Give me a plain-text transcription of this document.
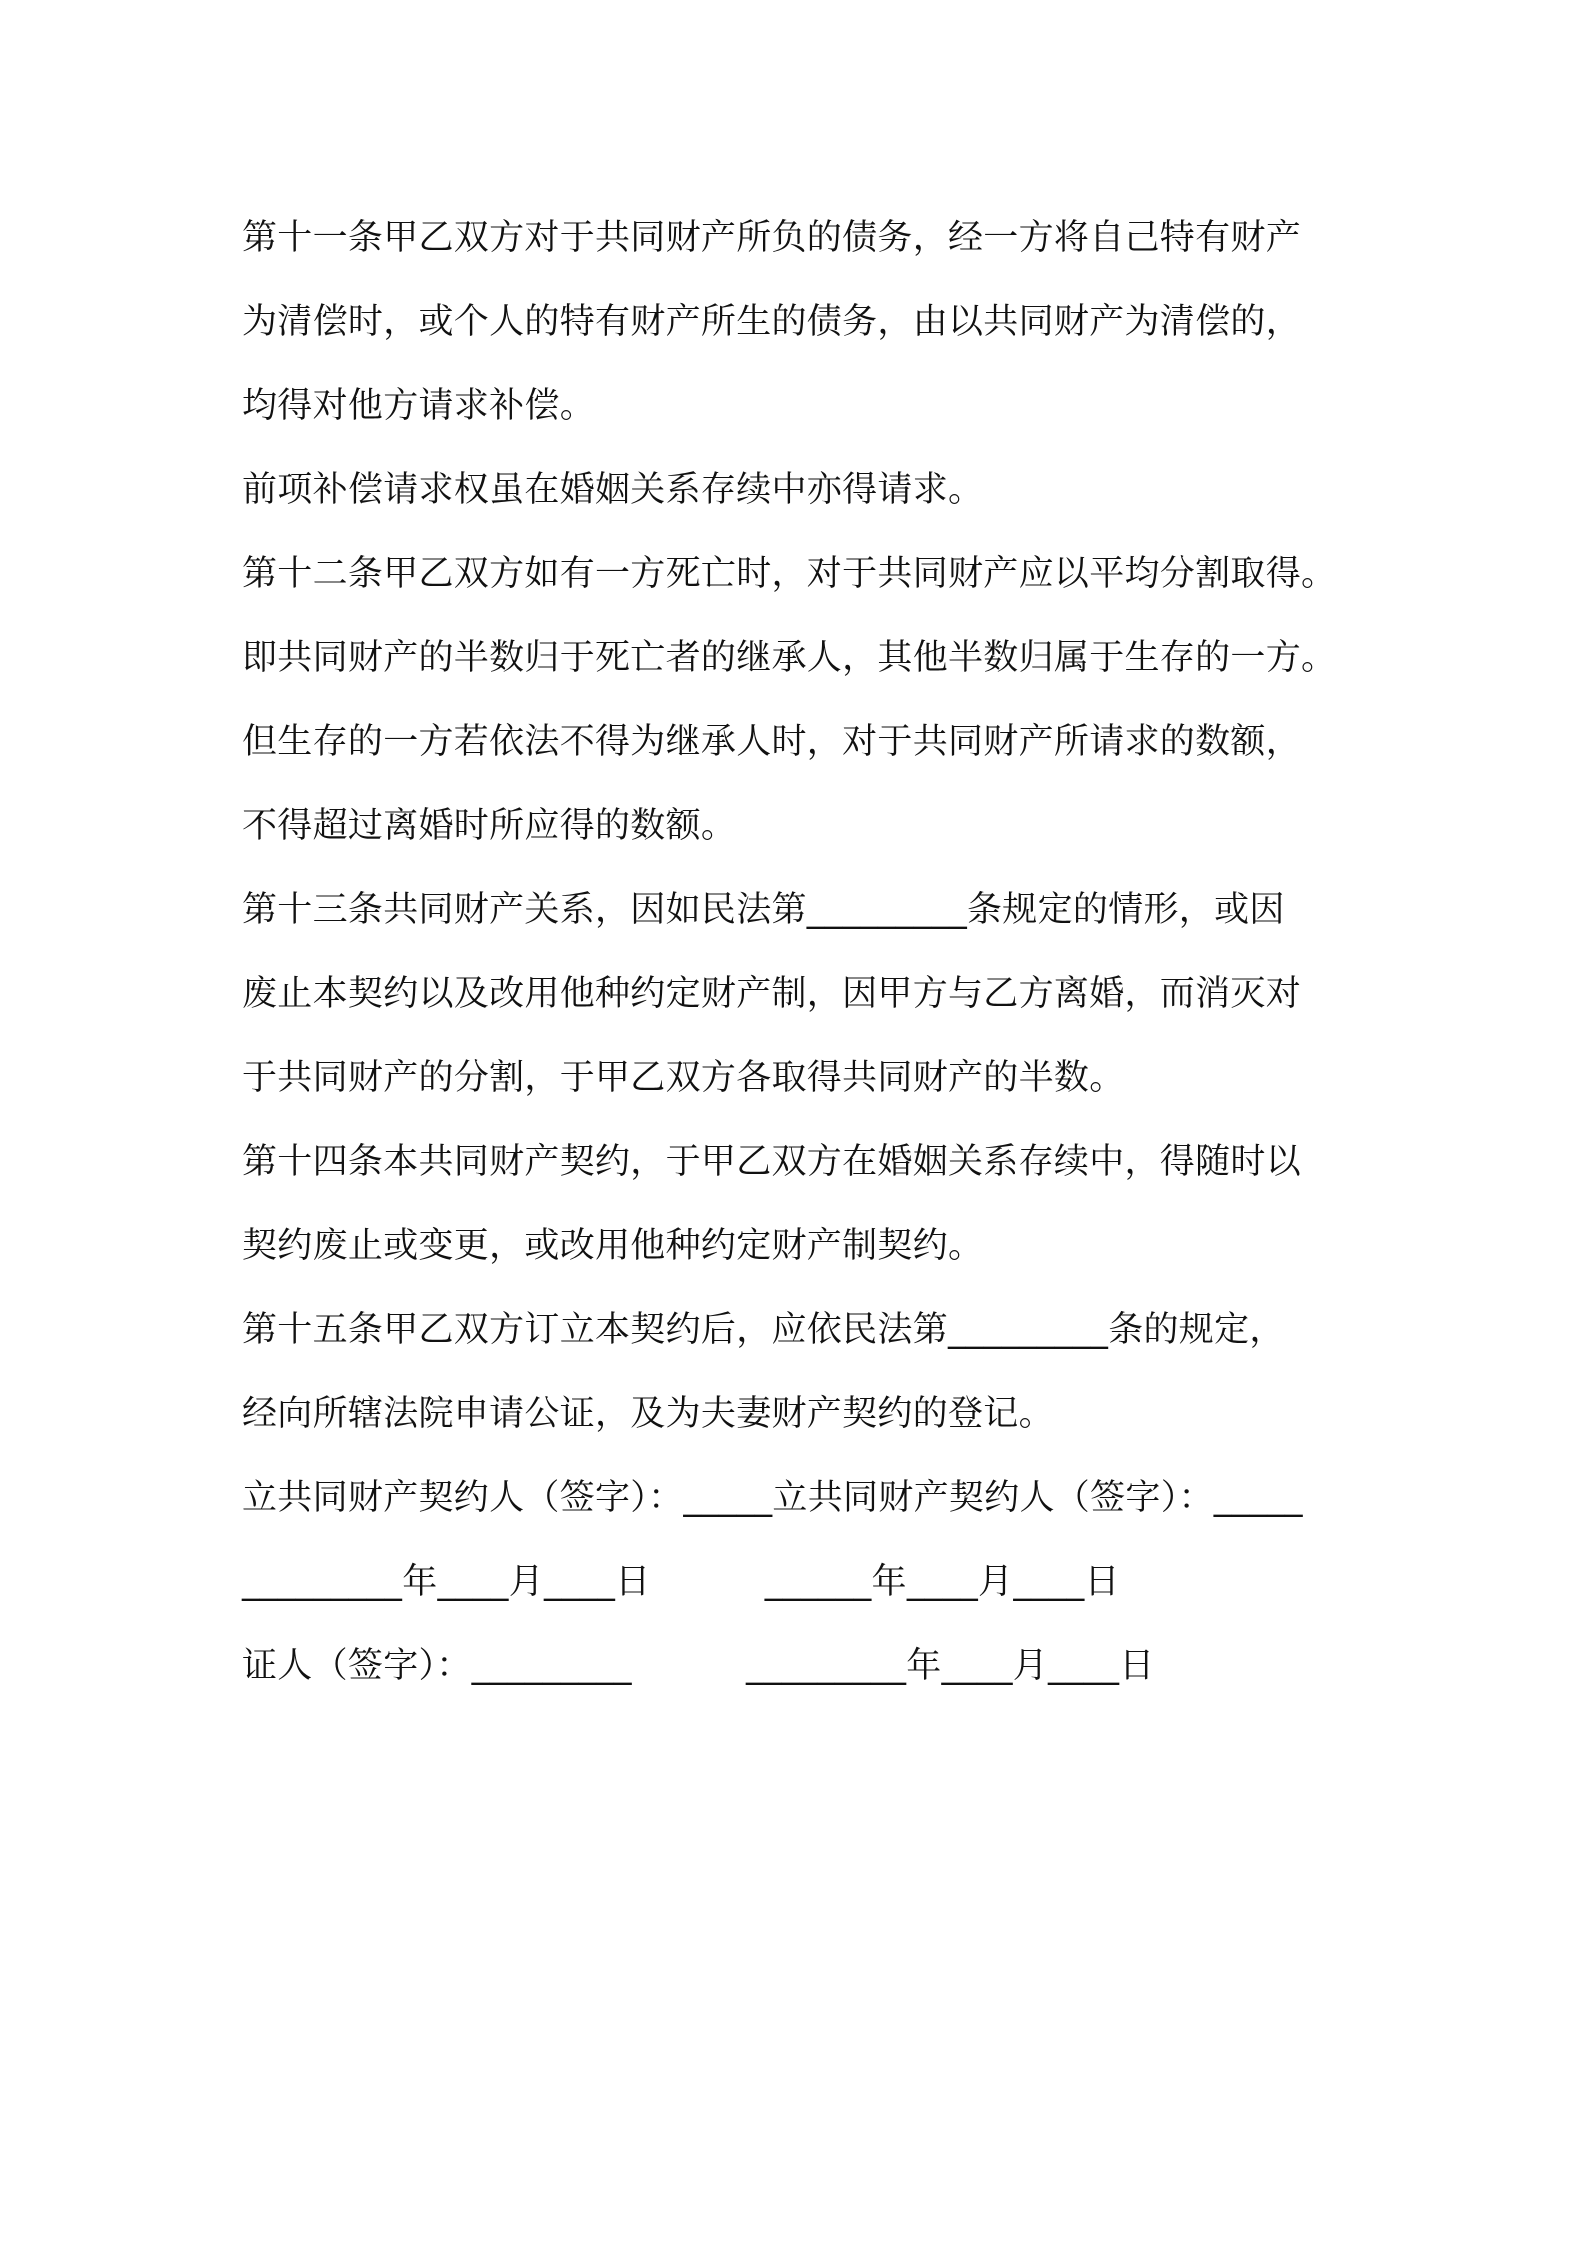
第十一条甲乙双方对于共同财产所负的债务，经一方将自己特有财产
为清偿时，或个人的特有财产所生的债务，由以共同财产为清偿的，
均得对他方请求补偿。
前项补偿请求权虽在婚姻关系存续中亦得请求。
第十二条甲乙双方如有一方死亡时，对于共同财产应以平均分割取得。
即共同财产的半数归于死亡者的继承人，其他半数归属于生存的一方。
但生存的一方若依法不得为继承人时，对于共同财产所请求的数额，
不得超过离婚时所应得的数额。
第十三条共同财产关系，因如民法第_________条规定的情形，或因
废止本契约以及改用他种约定财产制，因甲方与乙方离婚，而消灭对
于共同财产的分割，于甲乙双方各取得共同财产的半数。
第十四条本共同财产契约，于甲乙双方在婚姻关系存续中，得随时以
契约废止或变更，或改用他种约定财产制契约。
第十五条甲乙双方订立本契约后，应依民法第_________条的规定，
经向所辖法院申请公证，及为夫妻财产契约的登记。
立共同财产契约人（签字）：_____立共同财产契约人（签字）：_____
_________年____月____日          ______年____月____日
证人（签字）：_________          _________年____月____日
